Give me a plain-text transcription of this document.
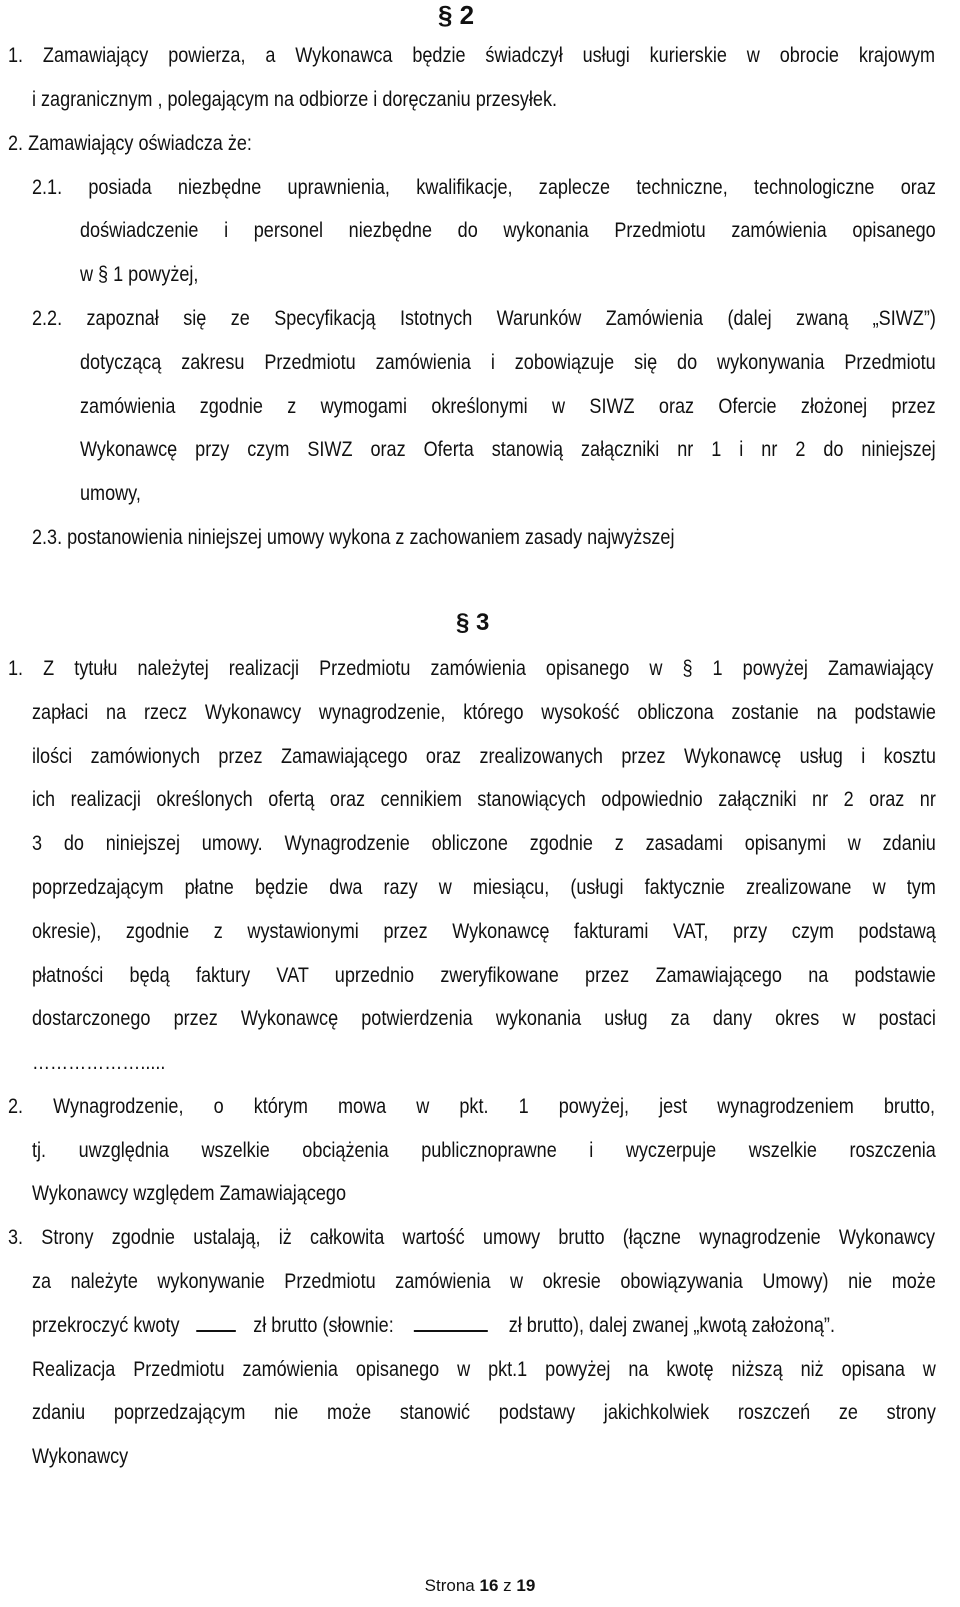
§ 2
1. Zamawiający powierza, a Wykonawca będzie świadczył usługi kurierskie w obrocie krajowym
i zagranicznym , polegającym na odbiorze i doręczaniu przesyłek.
2. Zamawiający oświadcza że:
2.1. posiada niezbędne uprawnienia, kwalifikacje, zaplecze techniczne, technologiczne oraz
doświadczenie i personel niezbędne do wykonania Przedmiotu zamówienia opisanego
w § 1 powyżej,
2.2. zapoznał się ze Specyfikacją Istotnych Warunków Zamówienia (dalej zwaną „SIWZ”)
dotyczącą zakresu Przedmiotu zamówienia i zobowiązuje się do wykonywania Przedmiotu
zamówienia zgodnie z wymogami określonymi w SIWZ oraz Ofercie złożonej przez
Wykonawcę przy czym SIWZ oraz Oferta stanowią załączniki nr 1 i nr 2 do niniejszej
umowy,
2.3. postanowienia niniejszej umowy wykona z zachowaniem zasady najwyższej
§ 3
1. Z tytułu należytej realizacji Przedmiotu zamówienia opisanego w § 1 powyżej Zamawiający
zapłaci na rzecz Wykonawcy wynagrodzenie, którego wysokość obliczona zostanie na podstawie
ilości zamówionych przez Zamawiającego oraz zrealizowanych przez Wykonawcę usług i kosztu
ich realizacji określonych ofertą oraz cennikiem stanowiących odpowiednio załączniki nr 2 oraz nr
3 do niniejszej umowy. Wynagrodzenie obliczone zgodnie z zasadami opisanymi w zdaniu
poprzedzającym płatne będzie dwa razy w miesiącu, (usługi faktycznie zrealizowane w tym
okresie), zgodnie z wystawionymi przez Wykonawcę fakturami VAT, przy czym podstawą
płatności będą faktury VAT uprzednio zweryfikowane przez Zamawiającego na podstawie
dostarczonego przez Wykonawcę potwierdzenia wykonania usług za dany okres w postaci
……………….....
2. Wynagrodzenie, o którym mowa w pkt. 1 powyżej, jest wynagrodzeniem brutto,
tj. uwzględnia wszelkie obciążenia publicznoprawne i wyczerpuje wszelkie roszczenia
Wykonawcy względem Zamawiającego
3. Strony zgodnie ustalają, iż całkowita wartość umowy brutto (łączne wynagrodzenie Wykonawcy
za należyte wykonywanie Przedmiotu zamówienia w okresie obowiązywania Umowy) nie może
przekroczyć kwoty	zł brutto (słownie:	zł brutto), dalej zwanej „kwotą założoną”.
Realizacja Przedmiotu zamówienia opisanego w pkt.1 powyżej na kwotę niższą niż opisana w
zdaniu poprzedzającym nie może stanowić podstawy jakichkolwiek roszczeń ze strony
Wykonawcy
Strona 16 z 19
